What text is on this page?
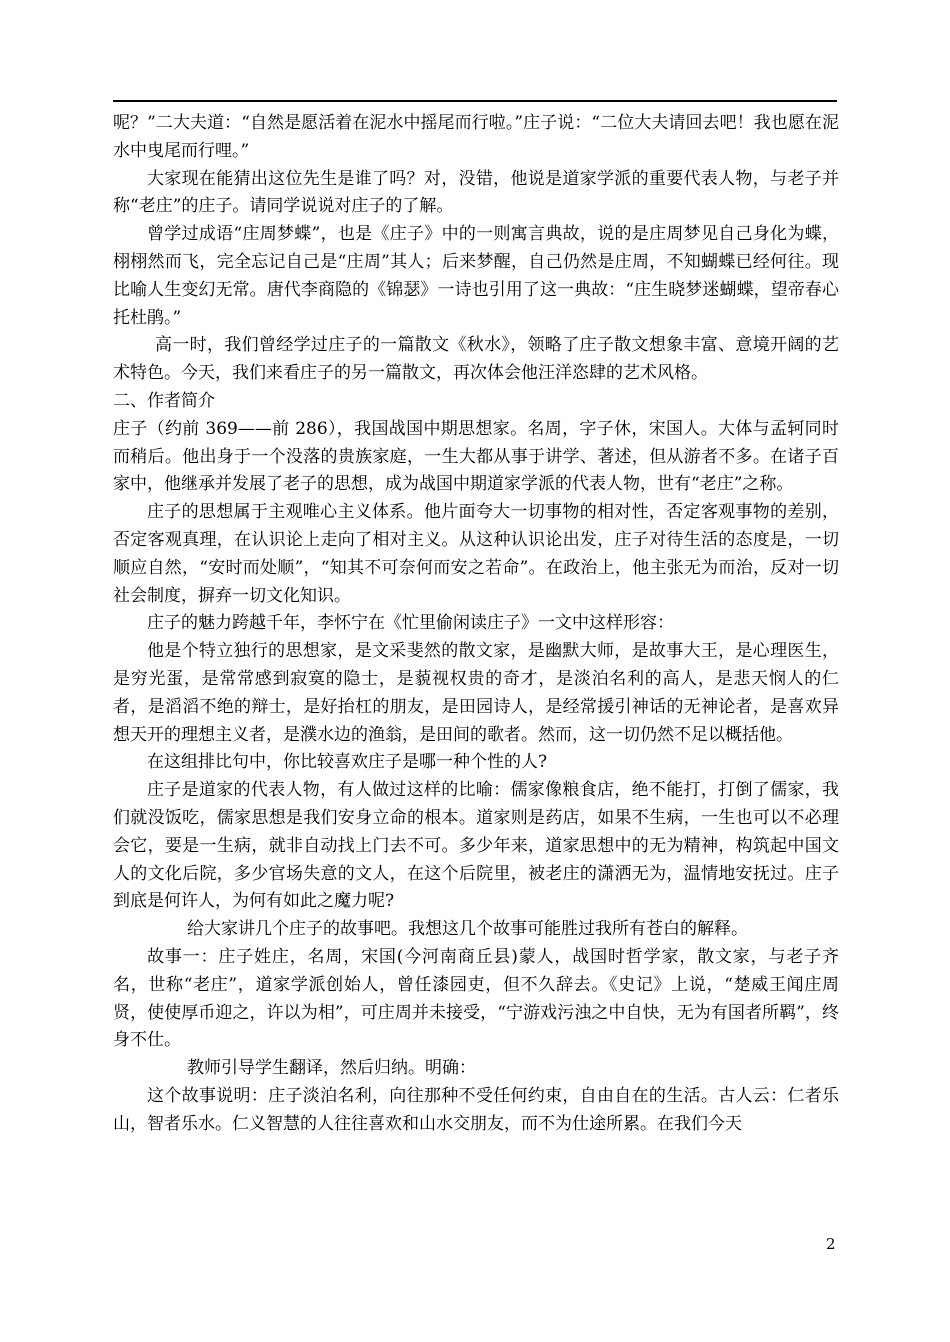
呢？”二大夫道：“自然是愿活着在泥水中摇尾而行啦。”庄子说：“二位大夫请回去吧！我也愿在泥水中曳尾而行哩。”

大家现在能猜出这位先生是谁了吗？对，没错，他说是道家学派的重要代表人物，与老子并称“老庄”的庄子。请同学说说对庄子的了解。

曾学过成语“庄周梦蝶”，也是《庄子》中的一则寓言典故，说的是庄周梦见自己身化为蝶，栩栩然而飞，完全忘记自己是“庄周”其人；后来梦醒，自己仍然是庄周，不知蝴蝶已经何往。现比喻人生变幻无常。唐代李商隐的《锦瑟》一诗也引用了这一典故：“庄生晓梦迷蝴蝶，望帝春心托杜鹃。”

高一时，我们曾经学过庄子的一篇散文《秋水》，领略了庄子散文想象丰富、意境开阔的艺术特色。今天，我们来看庄子的另一篇散文，再次体会他汪洋恣肆的艺术风格。

二、作者简介

庄子（约前 369——前 286），我国战国中期思想家。名周，字子休，宋国人。大体与孟轲同时而稍后。他出身于一个没落的贵族家庭，一生大都从事于讲学、著述，但从游者不多。在诸子百家中，他继承并发展了老子的思想，成为战国中期道家学派的代表人物，世有“老庄”之称。

庄子的思想属于主观唯心主义体系。他片面夸大一切事物的相对性，否定客观事物的差别，否定客观真理，在认识论上走向了相对主义。从这种认识论出发，庄子对待生活的态度是，一切顺应自然，“安时而处顺”，“知其不可奈何而安之若命”。在政治上，他主张无为而治，反对一切社会制度，摒弃一切文化知识。

庄子的魅力跨越千年，李怀宁在《忙里偷闲读庄子》一文中这样形容：

他是个特立独行的思想家，是文采斐然的散文家，是幽默大师，是故事大王，是心理医生，是穷光蛋，是常常感到寂寞的隐士，是藐视权贵的奇才，是淡泊名利的高人，是悲天悯人的仁者，是滔滔不绝的辩士，是好抬杠的朋友，是田园诗人，是经常援引神话的无神论者，是喜欢异想天开的理想主义者，是濮水边的渔翁，是田间的歌者。然而，这一切仍然不足以概括他。

在这组排比句中，你比较喜欢庄子是哪一种个性的人?

庄子是道家的代表人物，有人做过这样的比喻：儒家像粮食店，绝不能打，打倒了儒家，我们就没饭吃，儒家思想是我们安身立命的根本。道家则是药店，如果不生病，一生也可以不必理会它，要是一生病，就非自动找上门去不可。多少年来，道家思想中的无为精神，构筑起中国文人的文化后院，多少官场失意的文人，在这个后院里，被老庄的潇洒无为，温情地安抚过。庄子到底是何许人，为何有如此之魔力呢?

给大家讲几个庄子的故事吧。我想这几个故事可能胜过我所有苍白的解释。

故事一：庄子姓庄，名周，宋国(今河南商丘县)蒙人，战国时哲学家，散文家，与老子齐名，世称“老庄”，道家学派创始人，曾任漆园吏，但不久辞去。《史记》上说，“楚威王闻庄周贤，使使厚币迎之，许以为相”，可庄周并未接受，“宁游戏污浊之中自快，无为有国者所羁”，终身不仕。

教师引导学生翻译，然后归纳。明确：

这个故事说明：庄子淡泊名利，向往那种不受任何约束，自由自在的生活。古人云：仁者乐山，智者乐水。仁义智慧的人往往喜欢和山水交朋友，而不为仕途所累。在我们今天

2
